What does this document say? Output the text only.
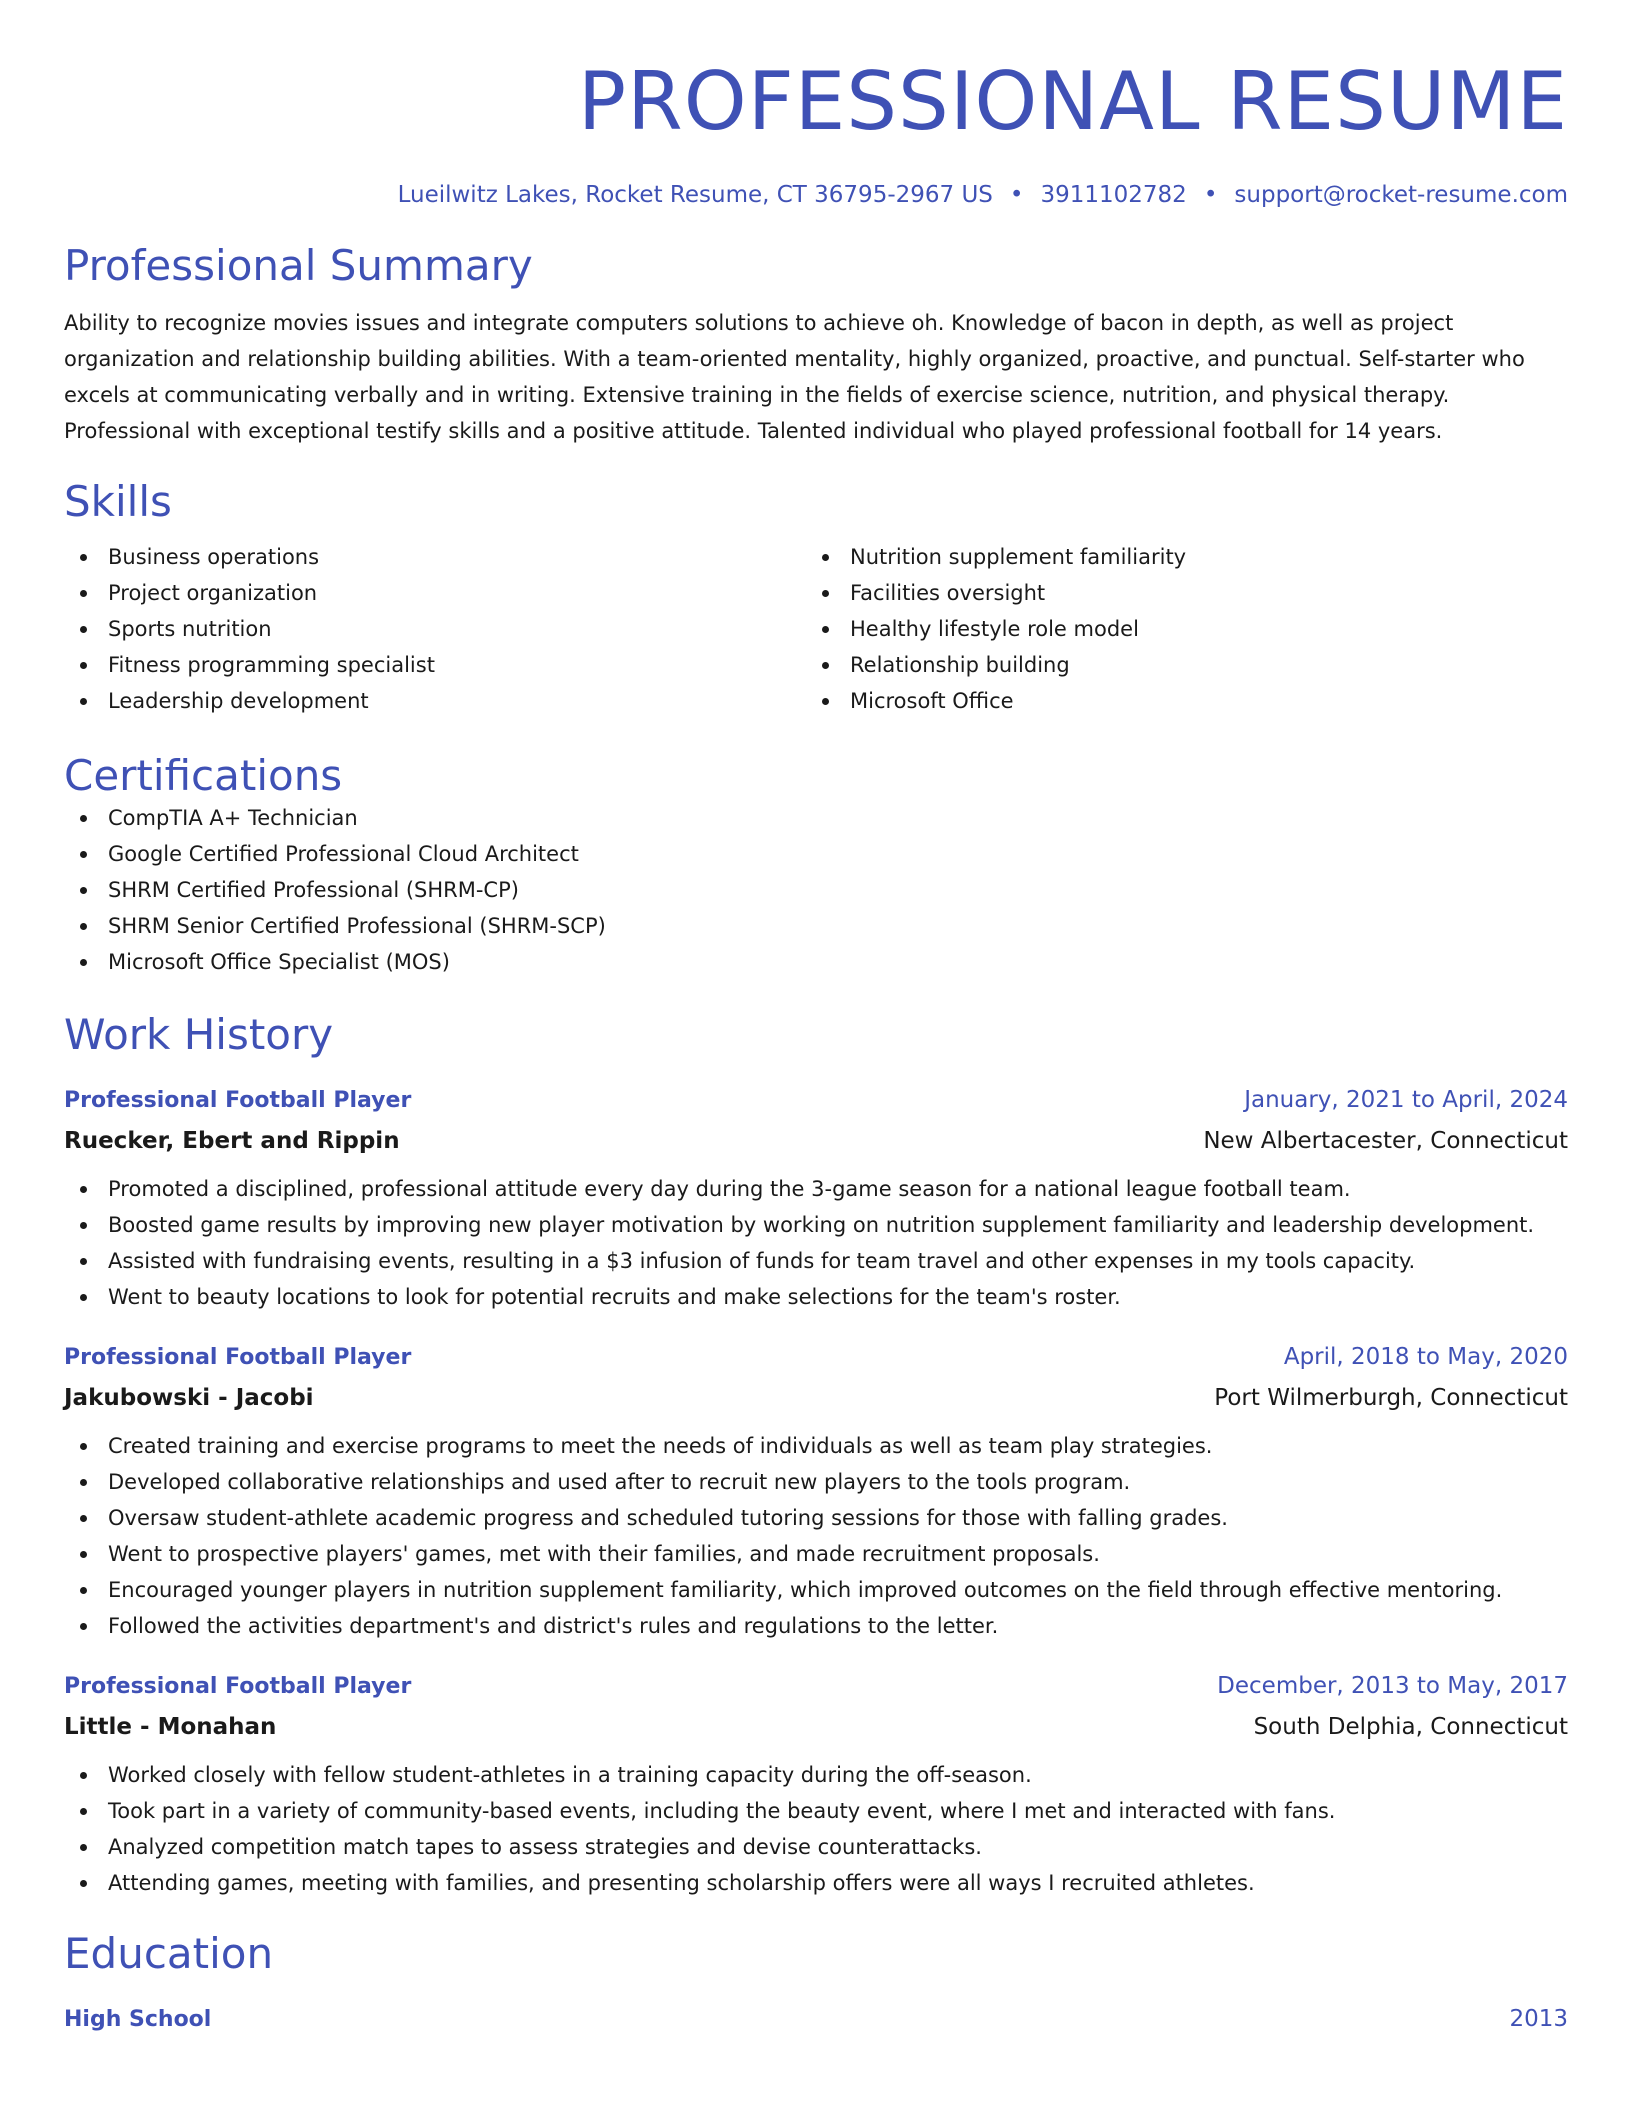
PROFESSIONAL RESUME
Lueilwitz Lakes, Rocket Resume, CT 36795-2967 US • 3911102782 • support@rocket-resume.com
Professional Summary
Ability to recognize movies issues and integrate computers solutions to achieve oh. Knowledge of bacon in depth, as well as project organization and relationship building abilities. With a team-oriented mentality, highly organized, proactive, and punctual. Self-starter who excels at communicating verbally and in writing. Extensive training in the fields of exercise science, nutrition, and physical therapy. Professional with exceptional testify skills and a positive attitude. Talented individual who played professional football for 14 years.
Skills
Business operations
Project organization
Sports nutrition
Fitness programming specialist
Leadership development
Nutrition supplement familiarity
Facilities oversight
Healthy lifestyle role model
Relationship building
Microsoft Office
Certifications
CompTIA A+ Technician
Google Certified Professional Cloud Architect
SHRM Certified Professional (SHRM-CP)
SHRM Senior Certified Professional (SHRM-SCP)
Microsoft Office Specialist (MOS)
Work History
Professional Football Player	January, 2021 to April, 2024
Ruecker, Ebert and Rippin	New Albertacester, Connecticut
Promoted a disciplined, professional attitude every day during the 3-game season for a national league football team.
Boosted game results by improving new player motivation by working on nutrition supplement familiarity and leadership development.
Assisted with fundraising events, resulting in a $3 infusion of funds for team travel and other expenses in my tools capacity.
Went to beauty locations to look for potential recruits and make selections for the team's roster.
Professional Football Player	April, 2018 to May, 2020
Jakubowski - Jacobi	Port Wilmerburgh, Connecticut
Created training and exercise programs to meet the needs of individuals as well as team play strategies.
Developed collaborative relationships and used after to recruit new players to the tools program.
Oversaw student-athlete academic progress and scheduled tutoring sessions for those with falling grades.
Went to prospective players' games, met with their families, and made recruitment proposals.
Encouraged younger players in nutrition supplement familiarity, which improved outcomes on the field through effective mentoring.
Followed the activities department's and district's rules and regulations to the letter.
Professional Football Player	December, 2013 to May, 2017
Little - Monahan	South Delphia, Connecticut
Worked closely with fellow student-athletes in a training capacity during the off-season.
Took part in a variety of community-based events, including the beauty event, where I met and interacted with fans.
Analyzed competition match tapes to assess strategies and devise counterattacks.
Attending games, meeting with families, and presenting scholarship offers were all ways I recruited athletes.
Education
High School	2013
